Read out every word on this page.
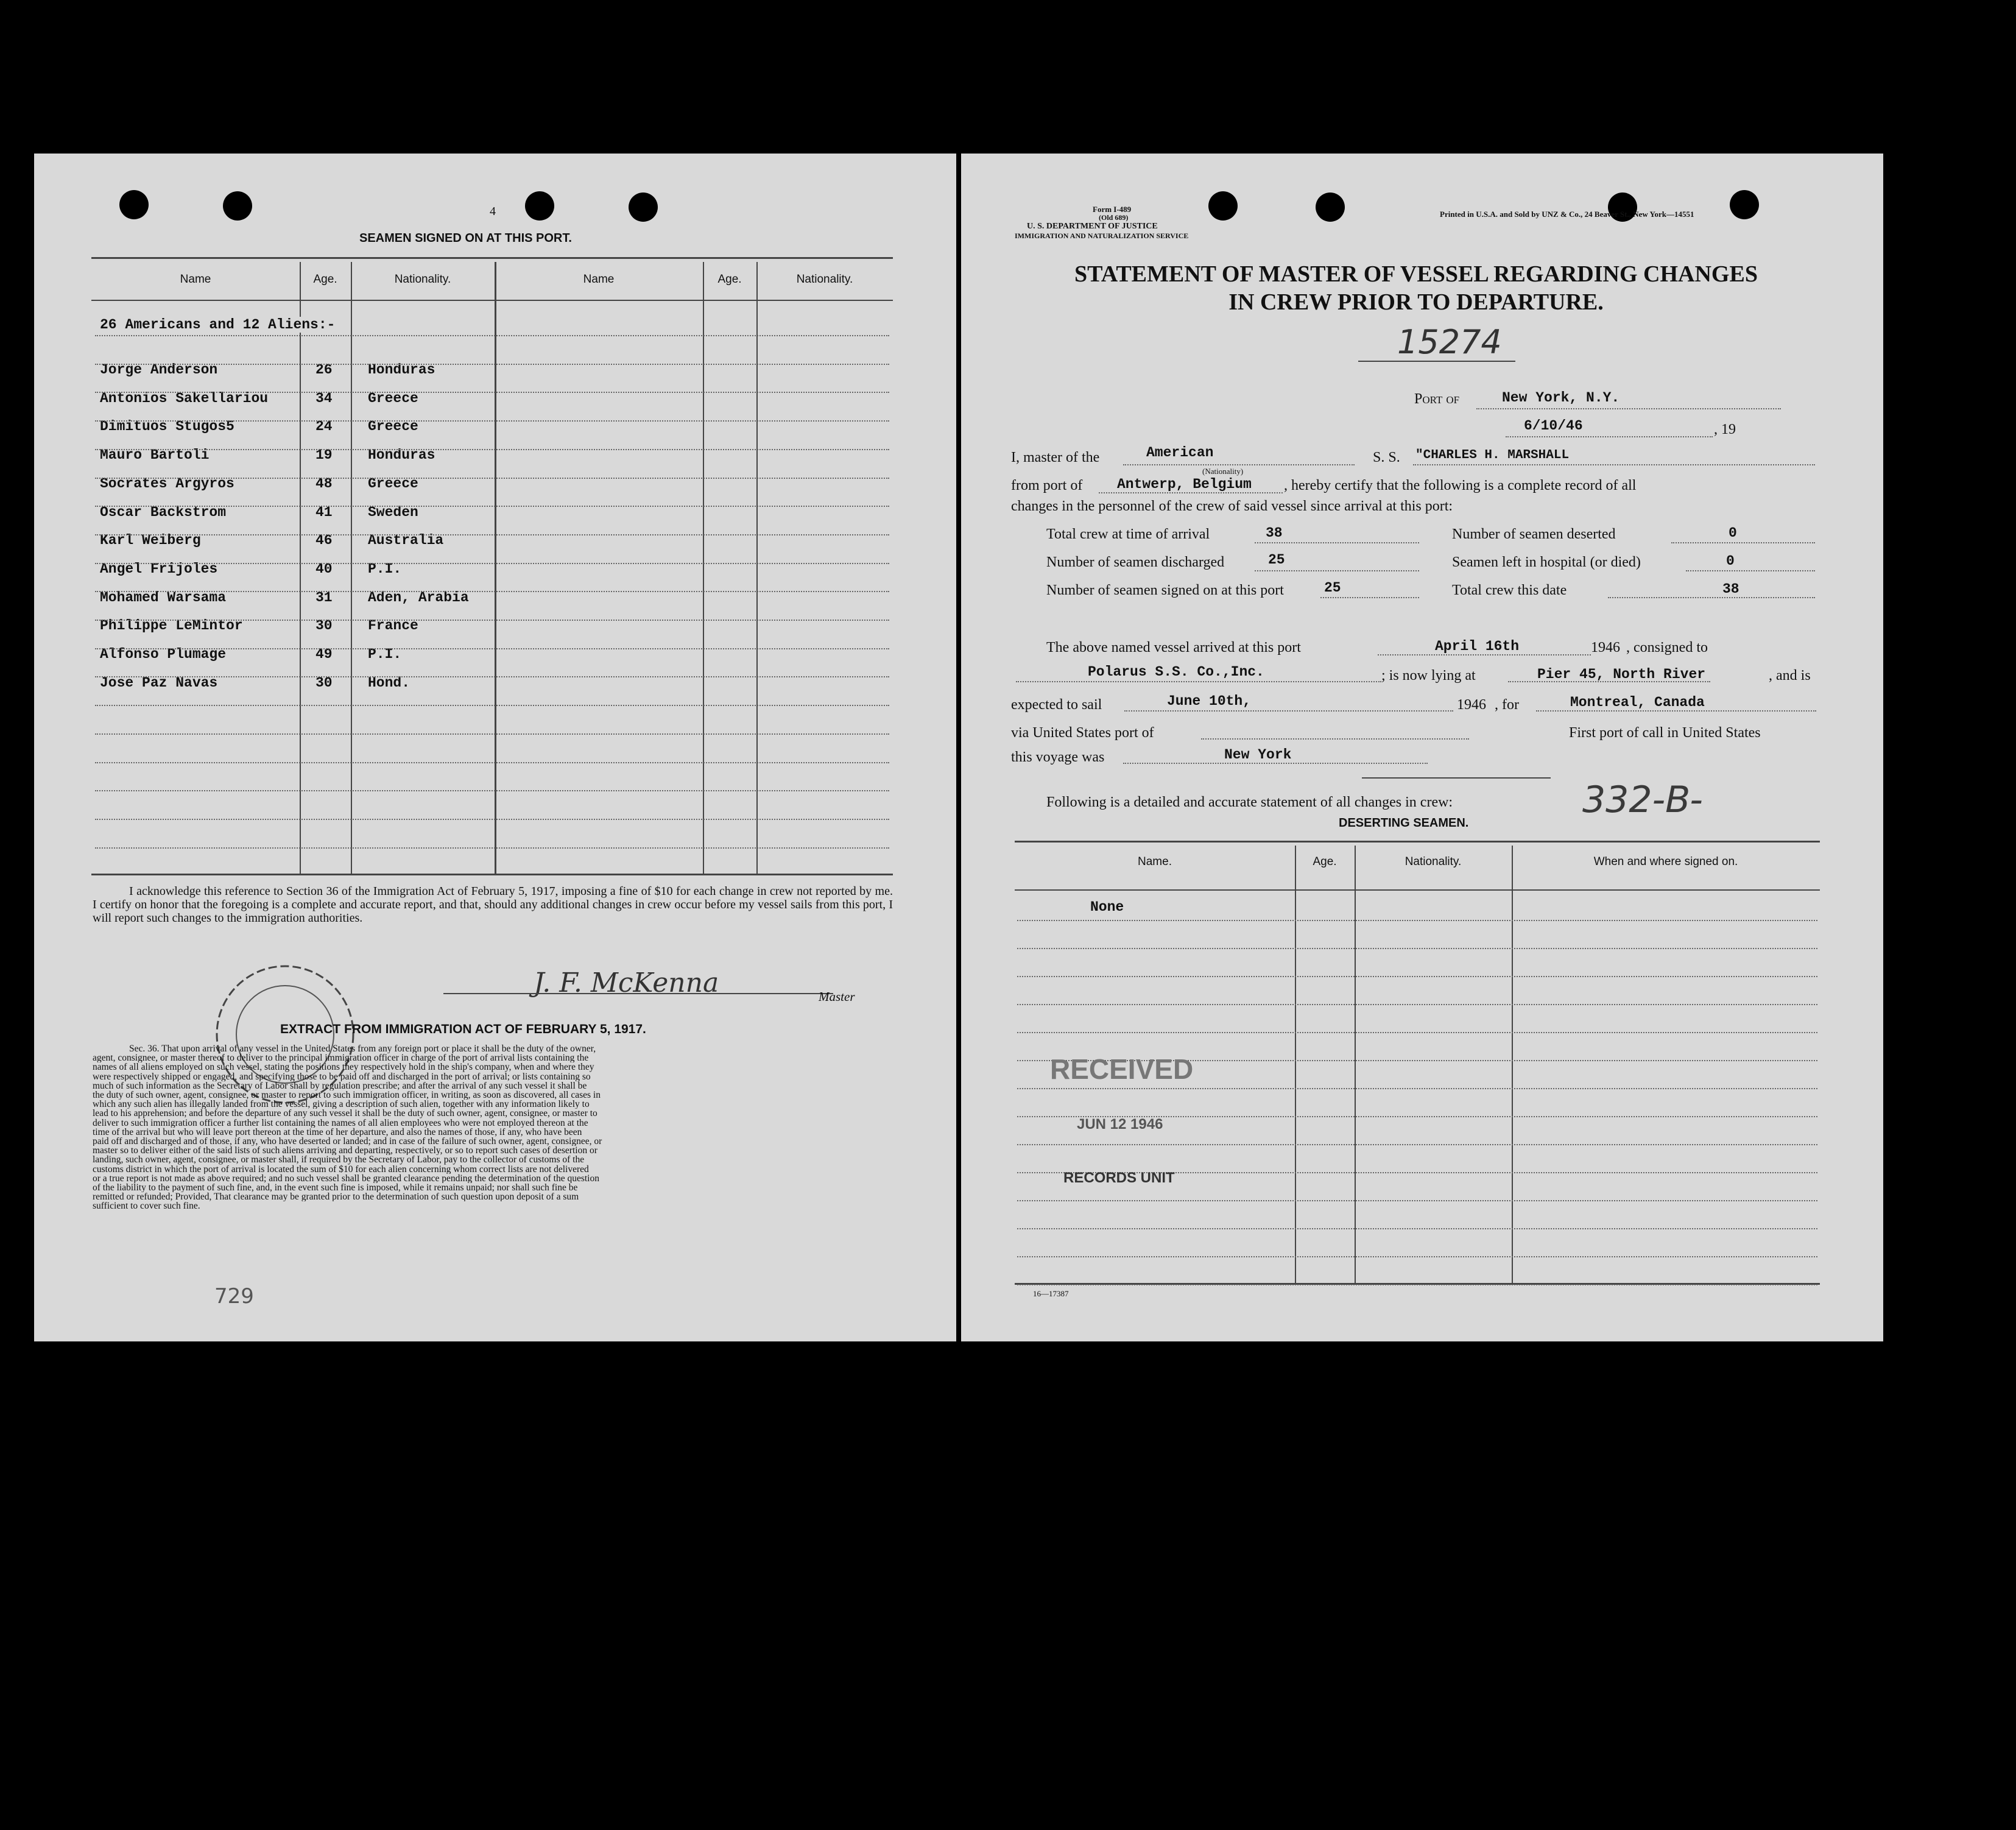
4
SEAMEN SIGNED ON AT THIS PORT.
Name	Age.	Nationality.	Name	Age.	Nationality.
26 Americans and 12 Aliens:-
Jorge Anderson	26	Honduras
Antonios Sakellariou	34	Greece
Dimituos Stugos5	24	Greece
Mauro Bartoli	19	Honduras
Socrates Argyros	48	Greece
Oscar Backstrom	41	Sweden
Karl Weiberg	46	Australia
Angel Frijoles	40	P.I.
Mohamed Warsama	31	Aden, Arabia
Philippe LeMintor	30	France
Alfonso Plumage	49	P.I.
Jose Paz Navas	30	Hond.
I acknowledge this reference to Section 36 of the Immigration Act of February 5, 1917, imposing a fine of $10 for each change in crew not reported by me. I certify on honor that the foregoing is a complete and accurate report, and that, should any additional changes in crew occur before my vessel sails from this port, I will report such changes to the immigration authorities.
J. F. McKenna	Master
EXTRACT FROM IMMIGRATION ACT OF FEBRUARY 5, 1917.
Sec. 36. That upon arrival of any vessel in the United States from any foreign port or place it shall be the duty of the owner,
agent, consignee, or master thereof to deliver to the principal immigration officer in charge of the port of arrival lists containing the
names of all aliens employed on such vessel, stating the positions they respectively hold in the ship's company, when and where they
were respectively shipped or engaged, and specifying those to be paid off and discharged in the port of arrival; or lists containing so
much of such information as the Secretary of Labor shall by regulation prescribe; and after the arrival of any such vessel it shall be
the duty of such owner, agent, consignee, or master to report to such immigration officer, in writing, as soon as discovered, all cases in
which any such alien has illegally landed from the vessel, giving a description of such alien, together with any information likely to
lead to his apprehension; and before the departure of any such vessel it shall be the duty of such owner, agent, consignee, or master to
deliver to such immigration officer a further list containing the names of all alien employees who were not employed thereon at the
time of the arrival but who will leave port thereon at the time of her departure, and also the names of those, if any, who have been
paid off and discharged and of those, if any, who have deserted or landed; and in case of the failure of such owner, agent, consignee, or
master so to deliver either of the said lists of such aliens arriving and departing, respectively, or so to report such cases of desertion or
landing, such owner, agent, consignee, or master shall, if required by the Secretary of Labor, pay to the collector of customs of the
customs district in which the port of arrival is located the sum of $10 for each alien concerning whom correct lists are not delivered
or a true report is not made as above required; and no such vessel shall be granted clearance pending the determination of the question
of the liability to the payment of such fine, and, in the event such fine is imposed, while it remains unpaid; nor shall such fine be
remitted or refunded; Provided, That clearance may be granted prior to the determination of such question upon deposit of a sum
sufficient to cover such fine.
729
Form I-489
(Old 689)
U. S. DEPARTMENT OF JUSTICE
IMMIGRATION AND NATURALIZATION SERVICE
Printed in U.S.A. and Sold by UNZ & Co., 24 Beaver St., New York—14551
STATEMENT OF MASTER OF VESSEL REGARDING CHANGES
IN CREW PRIOR TO DEPARTURE.
15274
Port of	New York, N.Y.
6/10/46	, 19
I, master of the	American
(Nationality)
S. S. "CHARLES H. MARSHALL
from port of Antwerp, Belgium , hereby certify that the following is a complete record of all
changes in the personnel of the crew of said vessel since arrival at this port:
Total crew at time of arrival	38	Number of seamen deserted	0
Number of seamen discharged	25	Seamen left in hospital (or died)	0
Number of seamen signed on at this port	25	Total crew this date	38
The above named vessel arrived at this port	April 16th	1946 , consigned to
Polarus S.S. Co.,Inc.	; is now lying at	Pier 45, North River	, and is
expected to sail	June 10th,	1946 , for	Montreal, Canada
via United States port of	First port of call in United States
this voyage was	New York
Following is a detailed and accurate statement of all changes in crew:	332-B-
DESERTING SEAMEN.
Name.	Age.	Nationality.	When and where signed on.
None
RECEIVED
JUN 12 1946
RECORDS UNIT
16—17387
